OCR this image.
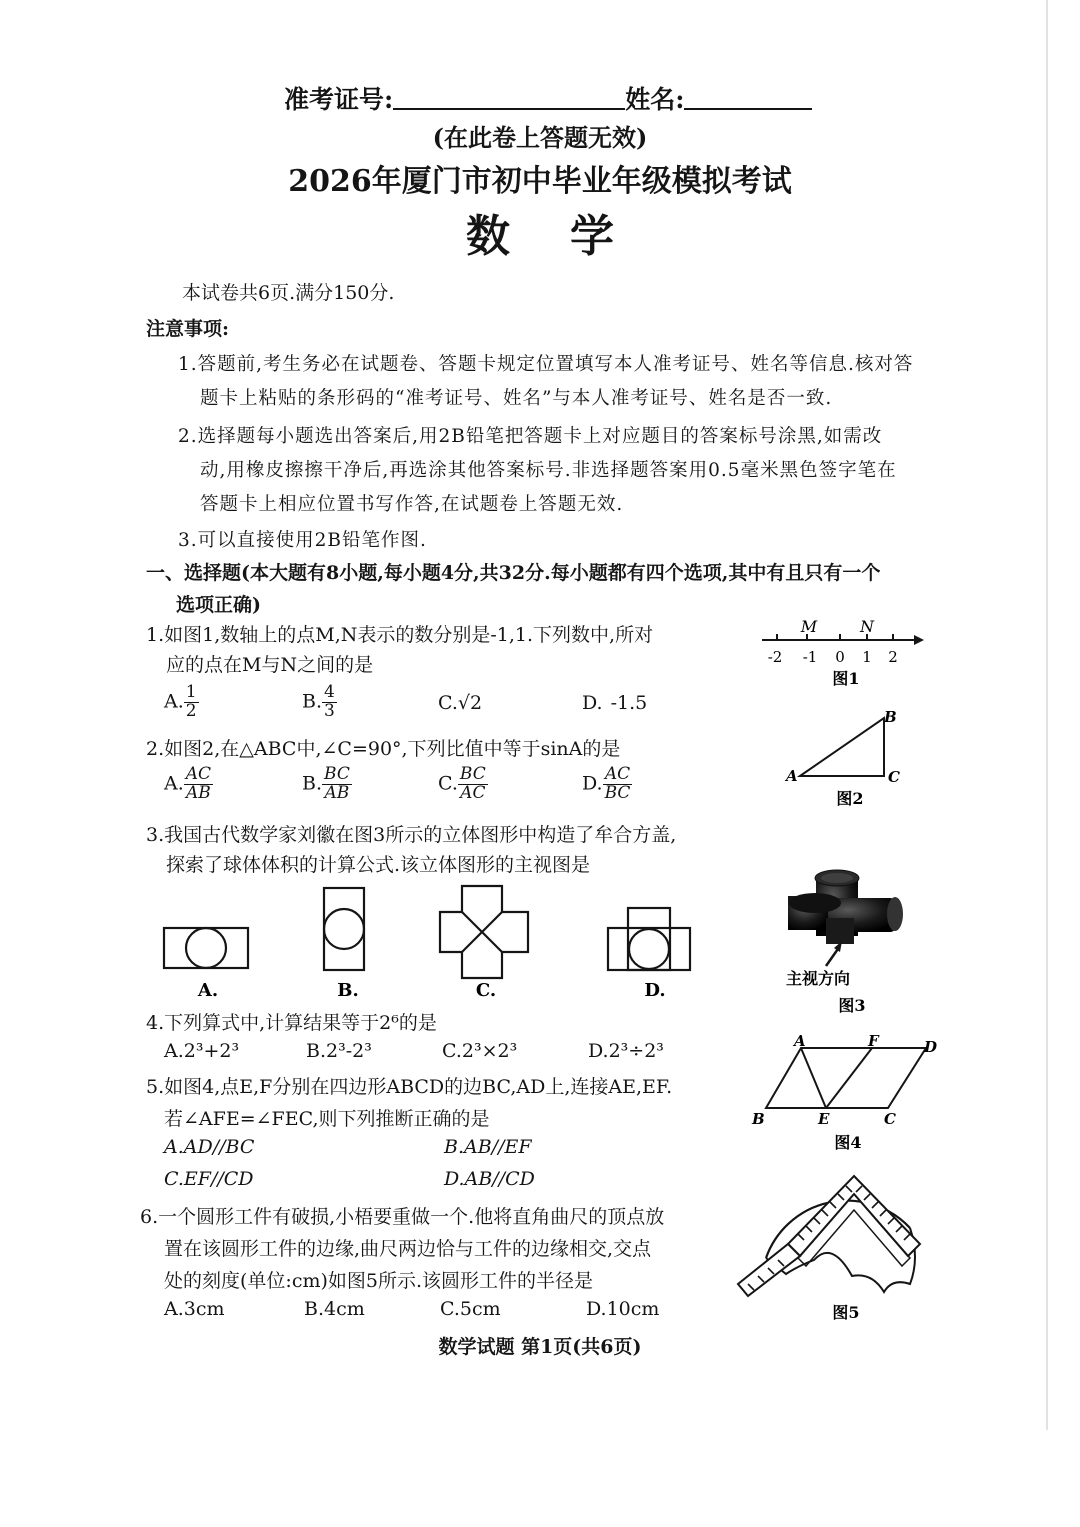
准考证号:	姓名:
(在此卷上答题无效)
2026年厦门市初中毕业年级模拟考试
数学
本试卷共6页.满分150分.
注意事项:
1.答题前,考生务必在试题卷、答题卡规定位置填写本人准考证号、姓名等信息.核对答
题卡上粘贴的条形码的“准考证号、姓名”与本人准考证号、姓名是否一致.
2.选择题每小题选出答案后,用2B铅笔把答题卡上对应题目的答案标号涂黑,如需改
动,用橡皮擦擦干净后,再选涂其他答案标号.非选择题答案用0.5毫米黑色签字笔在
答题卡上相应位置书写作答,在试题卷上答题无效.
3.可以直接使用2B铅笔作图.
一、选择题(本大题有8小题,每小题4分,共32分.每小题都有四个选项,其中有且只有一个
选项正确)
1.如图1,数轴上的点M,N表示的数分别是-1,1.下列数中,所对
应的点在M与N之间的是
A. $\frac{1}{2}$	B. $\frac{4}{3}$	C.√2	D. -1.5
M	N
-2 -1 0 1 2
图1
2.如图2,在△ABC中,∠C=90°,下列比值中等于sinA的是
A. $\frac{AC}{AB}$	B. $\frac{BC}{AB}$	C. $\frac{BC}{AC}$	D. $\frac{AC}{BC}$	A
B
C
图2
3.我国古代数学家刘徽在图3所示的立体图形中构造了牟合方盖,
探索了球体体积的计算公式.该立体图形的主视图是
A.	B.	C.	D.
主视方向
图3
4.下列算式中,计算结果等于2⁶的是
A.2³+2³	B.2³-2³	C.2³×2³	D.2³÷2³	A	F	D
B	E	C
图4
5.如图4,点E,F分别在四边形ABCD的边BC,AD上,连接AE,EF.
若∠AFE=∠FEC,则下列推断正确的是
A.AD//BC	B.AB//EF
C.EF//CD	D.AB//CD
6.一个圆形工件有破损,小梧要重做一个.他将直角曲尺的顶点放
置在该圆形工件的边缘,曲尺两边恰与工件的边缘相交,交点
处的刻度(单位:cm)如图5所示.该圆形工件的半径是
A.3cm	B.4cm	C.5cm	D.10cm	图5
数学试题 第1页(共6页)
